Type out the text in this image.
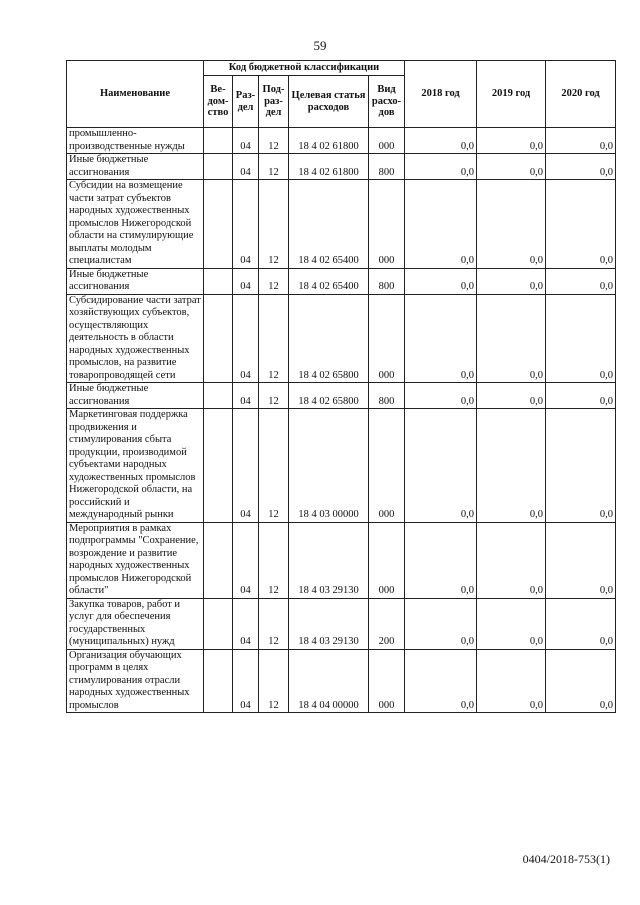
59
Наименование	Код бюджетной классификации					2018 год	2019 год	2020 год
	Ве-дом-ство	Раз-дел	Под-раз-дел	Целевая статья расходов	Вид расхо-дов			
промышленно-производственные нужды		04	12	18 4 02 61800	000	0,0	0,0	0,0
Иные бюджетные ассигнования		04	12	18 4 02 61800	800	0,0	0,0	0,0
Субсидии на возмещение части затрат субъектов народных художественных промыслов Нижегородской области на стимулирующие выплаты молодым специалистам		04	12	18 4 02 65400	000	0,0	0,0	0,0
Иные бюджетные ассигнования		04	12	18 4 02 65400	800	0,0	0,0	0,0
Субсидирование части затрат хозяйствующих субъектов, осуществляющих деятельность в области народных художественных промыслов, на развитие товаропроводящей сети		04	12	18 4 02 65800	000	0,0	0,0	0,0
Иные бюджетные ассигнования		04	12	18 4 02 65800	800	0,0	0,0	0,0
Маркетинговая поддержка продвижения и стимулирования сбыта продукции, производимой субъектами народных художественных промыслов Нижегородской области, на российский и международный рынки		04	12	18 4 03 00000	000	0,0	0,0	0,0
Мероприятия в рамках подпрограммы "Сохранение, возрождение и развитие народных художественных промыслов Нижегородской области"		04	12	18 4 03 29130	000	0,0	0,0	0,0
Закупка товаров, работ и услуг для обеспечения государственных (муниципальных) нужд		04	12	18 4 03 29130	200	0,0	0,0	0,0
Организация обучающих программ в целях стимулирования отрасли народных художественных промыслов		04	12	18 4 04 00000	000	0,0	0,0	0,0
0404/2018-753(1)
